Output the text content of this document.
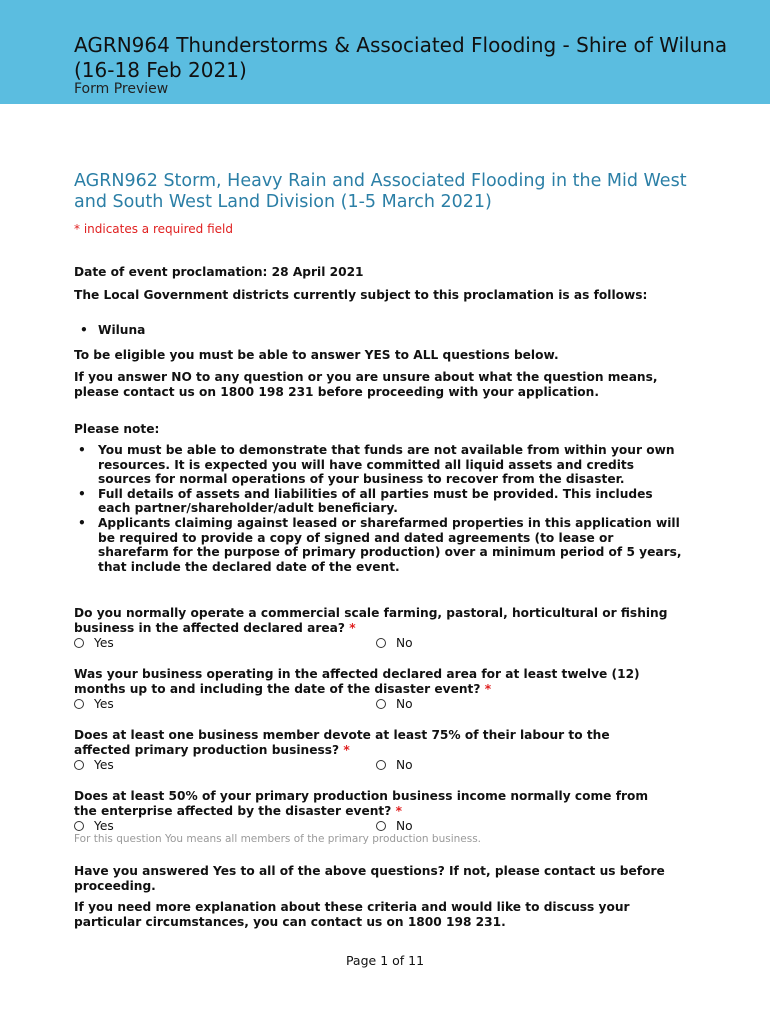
AGRN964 Thunderstorms & Associated Flooding - Shire of Wiluna (16-18 Feb 2021)
Form Preview
AGRN962 Storm, Heavy Rain and Associated Flooding in the Mid West and South West Land Division (1-5 March 2021)
* indicates a required field
Date of event proclamation: 28 April 2021
The Local Government districts currently subject to this proclamation is as follows:
• Wiluna
To be eligible you must be able to answer YES to ALL questions below.
If you answer NO to any question or you are unsure about what the question means, please contact us on 1800 198 231 before proceeding with your application.
Please note:
• You must be able to demonstrate that funds are not available from within your own resources. It is expected you will have committed all liquid assets and credits sources for normal operations of your business to recover from the disaster.
• Full details of assets and liabilities of all parties must be provided. This includes each partner/shareholder/adult beneficiary.
• Applicants claiming against leased or sharefarmed properties in this application will be required to provide a copy of signed and dated agreements (to lease or sharefarm for the purpose of primary production) over a minimum period of 5 years, that include the declared date of the event.
Do you normally operate a commercial scale farming, pastoral, horticultural or fishing business in the affected declared area? *
Yes	No
Was your business operating in the affected declared area for at least twelve (12) months up to and including the date of the disaster event? *
Yes	No
Does at least one business member devote at least 75% of their labour to the affected primary production business? *
Yes	No
Does at least 50% of your primary production business income normally come from the enterprise affected by the disaster event? *
Yes	No
For this question You means all members of the primary production business.
Have you answered Yes to all of the above questions? If not, please contact us before proceeding.
If you need more explanation about these criteria and would like to discuss your particular circumstances, you can contact us on 1800 198 231.
Page 1 of 11
